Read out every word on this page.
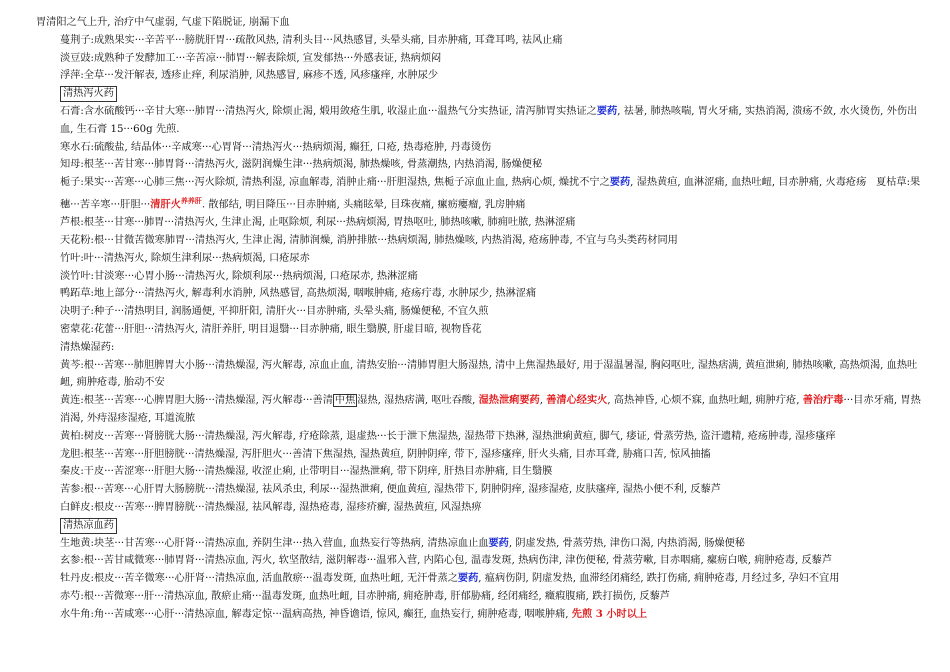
胃清阳之气上升, 治疗中气虚弱, 气虚下陷脱证, 崩漏下血
蔓荆子:成熟果实···辛苦平···膀胱肝胃···疏散风热, 清利头目···风热感冒, 头晕头痛, 目赤肿痛, 耳聋耳鸣, 祛风止痛
淡豆豉:成熟种子发酵加工···辛苦凉···肺胃···解表除烦, 宣发郁热···外感表证, 热病烦闷
浮萍:全草···发汗解表, 透疹止痒, 利尿消肿, 风热感冒, 麻疹不透, 风疹瘙痒, 水肿尿少
清热泻火药
石膏:含水硫酸钙···辛甘大寒···肺胃···清热泻火, 除烦止渴, 煅用敛疮生肌, 收湿止血···温热气分实热证, 清泻肺胃实热证之要药, 祛暑, 肺热咳喘, 胃火牙痛, 实热消渴, 溃疡不敛, 水火烫伤, 外伤出血, 生石膏 15···60g 先煎.
寒水石:硫酸盐, 结晶体···辛咸寒···心胃肾···清热泻火···热病烦渴, 癫狂, 口疮, 热毒疮肿, 丹毒烫伤
知母:根茎···苦甘寒···肺胃肾···清热泻火, 滋阴润燥生津···热病烦渴, 肺热燥咳, 骨蒸潮热, 内热消渴, 肠燥便秘
栀子:果实···苦寒···心肺三焦···泻火除烦, 清热利湿, 凉血解毒, 消肿止痛···肝胆湿热, 焦栀子凉血止血, 热病心烦, 燥扰不宁之要药, 湿热黄疸, 血淋涩痛, 血热吐衄, 目赤肿痛, 火毒疮疡 夏枯草:果穗···苦辛寒···肝胆···清肝火$^{养养肝}$. 散郁结, 明目降压···目赤肿痛, 头痛眩晕, 目珠夜痛, 瘰疬瘿瘤, 乳房肿痛
芦根:根茎···甘寒···肺胃···清热泻火, 生津止渴, 止呕除烦, 利尿···热病烦渴, 胃热呕吐, 肺热咳嗽, 肺痈吐脓, 热淋涩痛
天花粉:根···甘微苦微寒肺胃···清热泻火, 生津止渴, 清肺润燥, 消肿排脓···热病烦渴, 肺热燥咳, 内热消渴, 疮疡肿毒, 不宜与乌头类药材同用
竹叶:叶···清热泻火, 除烦生津利尿···热病烦渴, 口疮尿赤
淡竹叶:甘淡寒···心胃小肠···清热泻火, 除烦利尿···热病烦渴, 口疮尿赤, 热淋涩痛
鸭跖草:地上部分···清热泻火, 解毒利水消肿, 风热感冒, 高热烦渴, 咽喉肿痛, 疮疡疔毒, 水肿尿少, 热淋涩痛
决明子:种子···清热明目, 润肠通便, 平抑肝阳, 清肝火···目赤肿痛, 头晕头痛, 肠燥便秘, 不宜久煎
密蒙花:花蕾···肝胆···清热泻火, 清肝养肝, 明目退翳···目赤肿痛, 眼生翳膜, 肝虚目暗, 视物昏花
清热燥湿药:
黄芩:根···苦寒···肺胆脾胃大小肠···清热燥湿, 泻火解毒, 凉血止血, 清热安胎···清肺胃胆大肠湿热, 清中上焦湿热最好, 用于湿温暑湿, 胸闷呕吐, 湿热痞满, 黄疸泄痢, 肺热咳嗽, 高热烦渴, 血热吐衄, 痈肿疮毒, 胎动不安
黄连:根茎···苦寒···心脾胃胆大肠···清热燥湿, 泻火解毒···善清 中焦 湿热, 湿热痞满, 呕吐吞酸, 湿热泄痢要药, 善清心经实火, 高热神昏, 心烦不寐, 血热吐衄, 痈肿疔疮, 善治疔毒···目赤牙痛, 胃热消渴, 外痔湿疹湿疮, 耳道流脓
黄柏:树皮···苦寒···肾膀胱大肠···清热燥湿, 泻火解毒, 疗疮除蒸, 退虚热···长于泄下焦湿热, 湿热带下热淋, 湿热泄痢黄疸, 脚气, 痿证, 骨蒸劳热, 盗汗遗精, 疮疡肿毒, 湿疹瘙痒
龙胆:根茎···苦寒···肝胆膀胱···清热燥湿, 泻肝胆火···善清下焦湿热, 湿热黄疸, 阴肿阴痒, 带下, 湿疹瘙痒, 肝火头痛, 目赤耳聋, 胁痛口苦, 惊风抽搐
秦皮:干皮···苦涩寒···肝胆大肠···清热燥湿, 收涩止痢, 止带明目···湿热泄痢, 带下阴痒, 肝热目赤肿痛, 目生翳膜
苦参:根···苦寒···心肝胃大肠膀胱···清热燥湿, 祛风杀虫, 利尿···湿热泄痢, 便血黄疸, 湿热带下, 阴肿阴痒, 湿疹湿疮, 皮肤瘙痒, 湿热小便不利, 反藜芦
白鲜皮:根皮···苦寒···脾胃膀胱···清热燥湿, 祛风解毒, 湿热疮毒, 湿疹疥癣, 湿热黄疸, 风湿热痹
清热凉血药
生地黄:块茎···甘苦寒···心肝肾···清热凉血, 养阴生津···热入营血, 血热妄行等热病, 清热凉血止血要药, 阴虚发热, 骨蒸劳热, 津伤口渴, 内热消渴, 肠燥便秘
玄参:根···苦甘咸微寒···肺胃肾···清热凉血, 泻火, 软坚散结, 滋阴解毒···温邪入营, 内陷心包, 温毒发斑, 热病伤津, 津伤便秘, 骨蒸劳嗽, 目赤咽痛, 瘰疬白喉, 痈肿疮毒, 反藜芦
牡丹皮:根皮···苦辛微寒···心肝肾···清热凉血, 活血散瘀···温毒发斑, 血热吐衄, 无汗骨蒸之要药, 瘟病伤阴, 阴虚发热, 血滞经闭痛经, 跌打伤痛, 痈肿疮毒, 月经过多, 孕妇不宜用
赤芍:根···苦微寒···肝···清热凉血, 散瘀止痛···温毒发斑, 血热吐衄, 目赤肿痛, 痈疮肿毒, 肝郁胁痛, 经闭痛经, 癥瘕腹痛, 跌打损伤, 反藜芦
水牛角:角···苦咸寒···心肝···清热凉血, 解毒定惊···温病高热, 神昏谵语, 惊风, 癫狂, 血热妄行, 痈肿疮毒, 咽喉肿痛, 先煎 3 小时以上
